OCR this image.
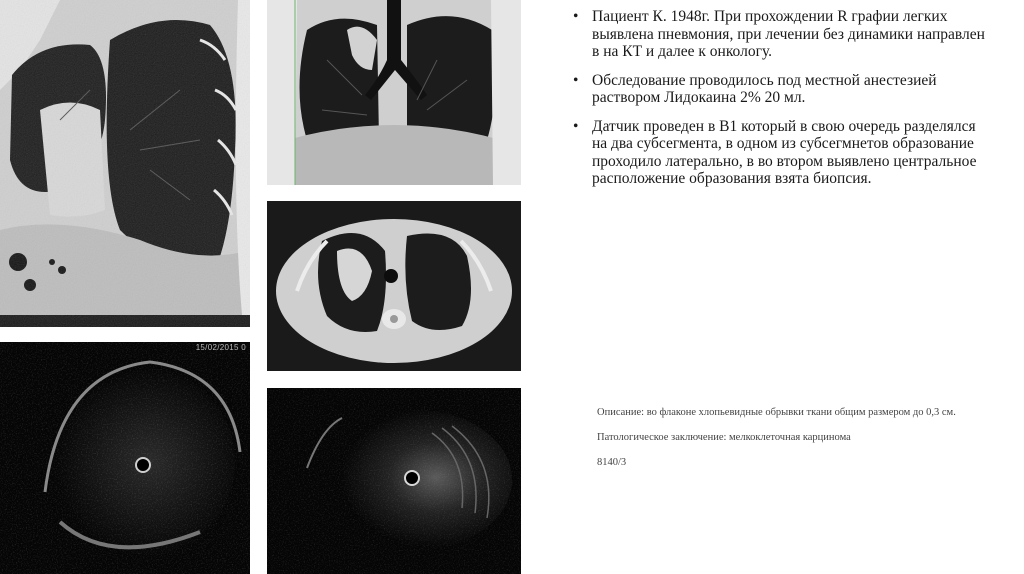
15/02/2015 0
• Пациент К. 1948г. При прохождении R графии легких выявлена пневмония, при лечении без динамики направлен в на КТ и далее к онкологу.
• Обследование проводилось под местной анестезией раствором Лидокаина 2% 20 мл.
• Датчик проведен в В1 который в свою очередь разделялся на два субсегмента, в одном из субсегмнетов образование проходило латерально, в во втором выявлено центральное расположение образования взята биопсия.
Описание: во флаконе хлопьевидные обрывки ткани общим размером до 0,3 см.
Патологическое заключение: мелкоклеточная карцинома
8140/3
